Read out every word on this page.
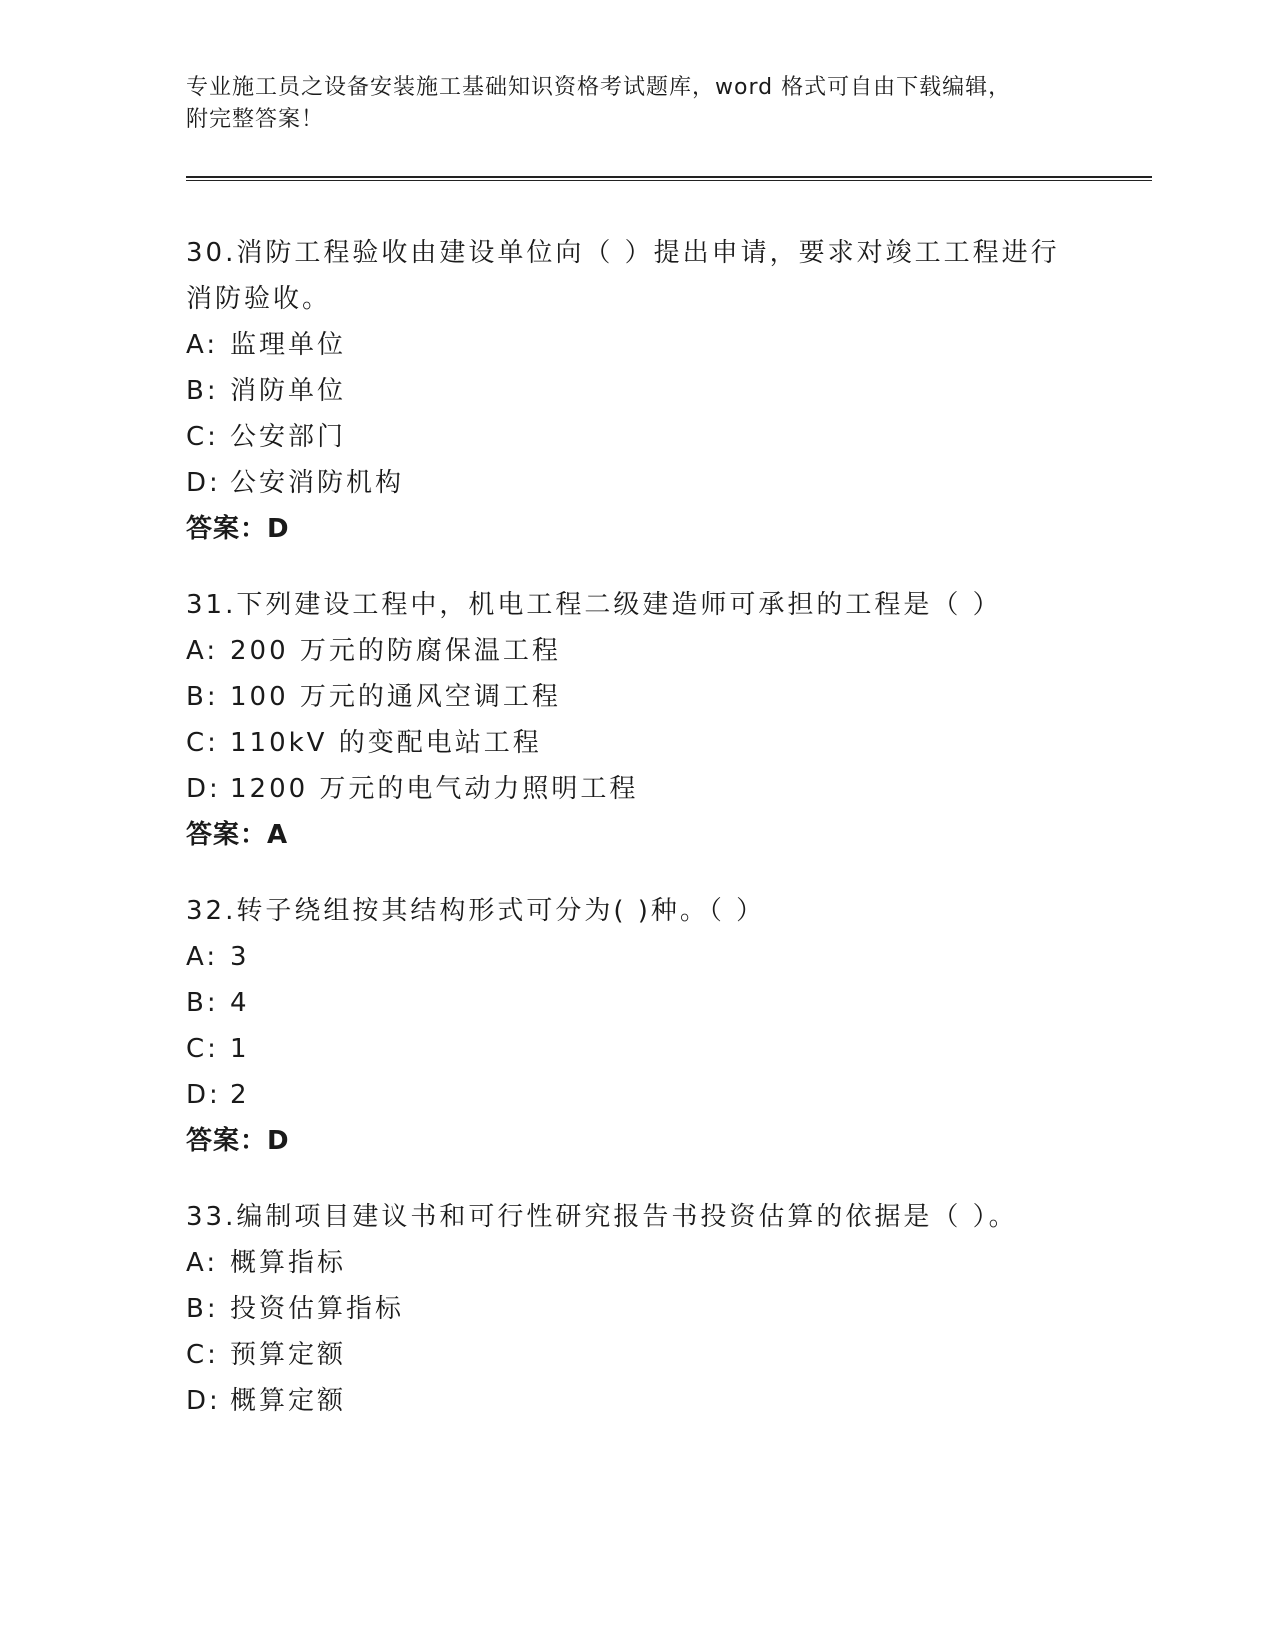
专业施工员之设备安装施工基础知识资格考试题库，word 格式可自由下载编辑，
附完整答案！

30.消防工程验收由建设单位向（ ）提出申请，要求对竣工工程进行

消防验收。

A: 监理单位

B: 消防单位

C: 公安部门

D: 公安消防机构

答案：D

31.下列建设工程中，机电工程二级建造师可承担的工程是（ ）

A: 200 万元的防腐保温工程

B: 100 万元的通风空调工程

C: 110kV 的变配电站工程

D: 1200 万元的电气动力照明工程

答案：A

32.转子绕组按其结构形式可分为( )种。（ ）

A: 3

B: 4

C: 1

D: 2

答案：D

33.编制项目建议书和可行性研究报告书投资估算的依据是（ ）。

A: 概算指标

B: 投资估算指标

C: 预算定额

D: 概算定额
